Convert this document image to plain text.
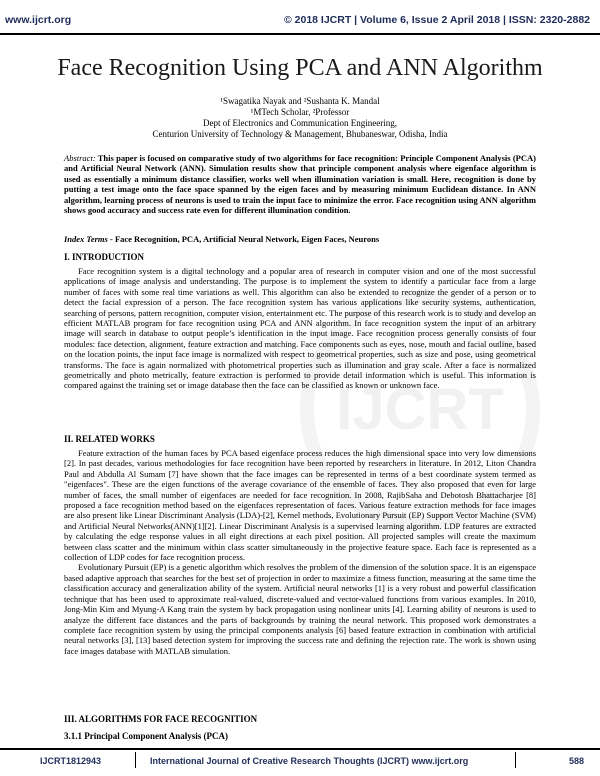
www.ijcrt.org	© 2018 IJCRT | Volume 6, Issue 2 April 2018 | ISSN: 2320-2882
IJCRT
Face Recognition Using PCA and ANN Algorithm
¹Swagatika Nayak and ²Sushanta K. Mandal
¹MTech Scholar, ²Professor
Dept of Electronics and Communication Engineering,
Centurion University of Technology & Management, Bhubaneswar, Odisha, India
Abstract: This paper is focused on comparative study of two algorithms for face recognition: Principle Component Analysis (PCA) and Artificial Neural Network (ANN). Simulation results show that principle component analysis where eigenface algorithm is used as essentially a minimum distance classifier, works well when illumination variation is small. Here, recognition is done by putting a test image onto the face space spanned by the eigen faces and by measuring minimum Euclidean distance. In ANN algorithm, learning process of neurons is used to train the input face to minimize the error. Face recognition using ANN algorithm shows good accuracy and success rate even for different illumination condition.
Index Terms - Face Recognition, PCA, Artificial Neural Network, Eigen Faces, Neurons
I. INTRODUCTION

Face recognition system is a digital technology and a popular area of research in computer vision and one of the most successful applications of image analysis and understanding. The purpose is to implement the system to identify a particular face from a large number of faces with some real time variations as well. This algorithm can also be extended to recognize the gender of a person or to detect the facial expression of a person. The face recognition system has various applications like security systems, authentication, searching of persons, pattern recognition, computer vision, entertainment etc. The purpose of this research work is to study and develop an efficient MATLAB program for face recognition using PCA and ANN algorithm. In face recognition system the input of an arbitrary image will search in database to output people’s identification in the input image. Face recognition process generally consists of four modules: face detection, alignment, feature extraction and matching. Face components such as eyes, nose, mouth and facial outline, based on the location points, the input face image is normalized with respect to geometrical properties, such as size and pose, using geometrical transforms. The face is again normalized with photometrical properties such as illumination and gray scale. After a face is normalized geometrically and photo metrically, feature extraction is performed to provide detail information which is useful. This information is compared against the training set or image database then the face can be classified as known or unknown face.

II. RELATED WORKS

Feature extraction of the human faces by PCA based eigenface process reduces the high dimensional space into very low dimensions [2]. In past decades, various methodologies for face recognition have been reported by researchers in literature. In 2012, Liton Chandra Paul and Abdulla Al Sumam [7] have shown that the face images can be represented in terms of a best coordinate system termed as "eigenfaces". These are the eigen functions of the average covariance of the ensemble of faces. They also proposed that even for large number of faces, the small number of eigenfaces are needed for face recognition. In 2008, RajibSaha and Debotosh Bhattacharjee [8] proposed a face recognition method based on the eigenfaces representation of faces. Various feature extraction methods for face images are also present like Linear Discriminant Analysis (LDA)-[2], Kernel methods, Evolutionary Pursuit (EP) Support Vector Machine (SVM) and Artificial Neural Networks(ANN)[1][2]. Linear Discriminant Analysis is a supervised learning algorithm. LDP features are extracted by calculating the edge response values in all eight directions at each pixel position. All projected samples will create the maximum between class scatter and the minimum within class scatter simultaneously in the projective feature space. Each face is represented as a collection of LDP codes for face recognition process.

Evolutionary Pursuit (EP) is a genetic algorithm which resolves the problem of the dimension of the solution space. It is an eigenspace based adaptive approach that searches for the best set of projection in order to maximize a fitness function, measuring at the same time the classification accuracy and generalization ability of the system. Artificial neural networks [1] is a very robust and powerful classification technique that has been used to approximate real-valued, discrete-valued and vector-valued functions from various examples. In 2010, Jong-Min Kim and Myung-A Kang train the system by back propagation using nonlinear units [4]. Learning ability of neurons is used to analyze the different face distances and the parts of backgrounds by training the neural network. This proposed work demonstrates a complete face recognition system by using the principal components analysis [6] based feature extraction in combination with artificial neural networks [3], [13] based detection system for improving the success rate and defining the rejection rate. The work is shown using face images database with MATLAB simulation.

III. ALGORITHMS FOR FACE RECOGNITION
3.1.1 Principal Component Analysis (PCA)
IJCRT1812943	International Journal of Creative Research Thoughts (IJCRT) www.ijcrt.org	588
